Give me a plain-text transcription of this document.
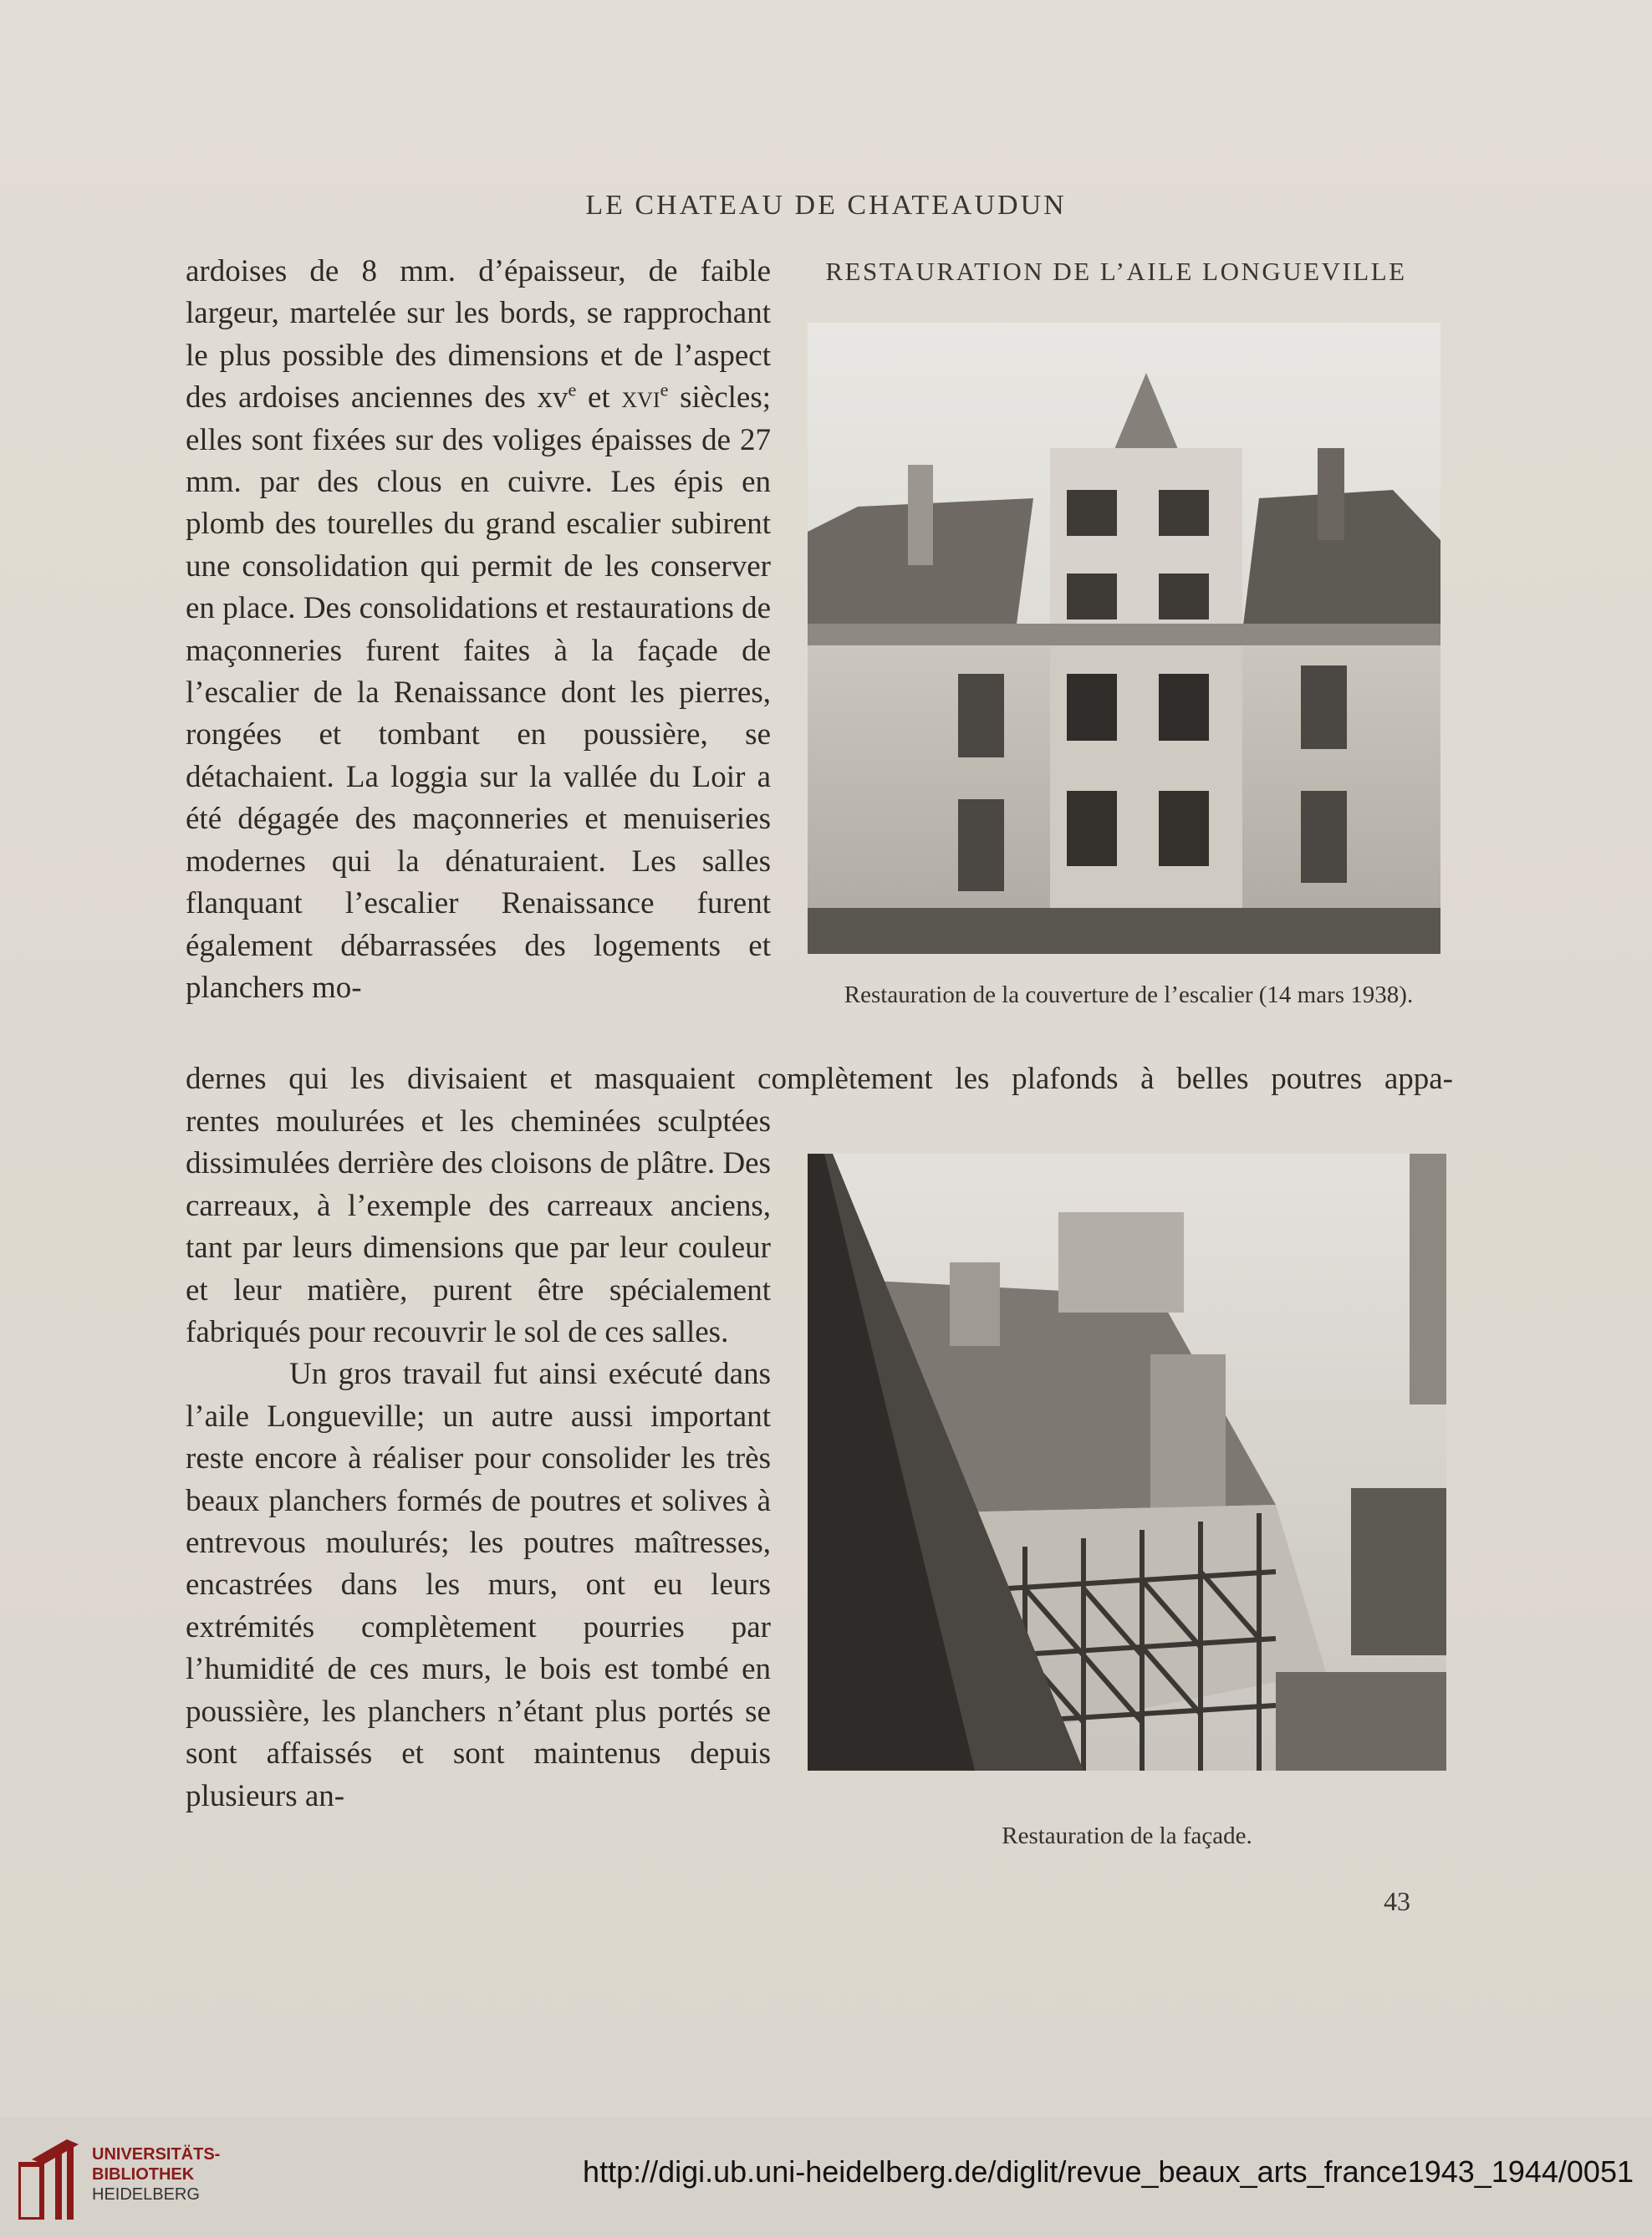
LE CHATEAU DE CHATEAUDUN
RESTAURATION DE L’AILE LONGUEVILLE

ardoises de 8 mm. d’épaisseur, de faible largeur, martelée sur les bords, se rapprochant le plus possible des dimensions et de l’aspect des ardoises anciennes des $xv^e$ et xvi$^e$ siècles; elles sont fixées sur des voliges épaisses de 27 mm. par des clous en cuivre. Les épis en plomb des tourelles du grand escalier subirent une consolidation qui permit de les conserver en place. Des consolidations et restaurations de maçonneries furent faites à la façade de l’escalier de la Renaissance dont les pierres, rongées et tombant en poussière, se détachaient. La loggia sur la vallée du Loir a été dégagée des maçonneries et menuiseries modernes qui la dénaturaient. Les salles flanquant l’escalier Renaissance furent également débarrassées des logements et planchers mo-

dernes qui les divisaient et masquaient complètement les plafonds à belles poutres appa-

rentes moulurées et les cheminées sculptées dissimulées derrière des cloisons de plâtre. Des carreaux, à l’exemple des carreaux anciens, tant par leurs dimensions que par leur couleur et leur matière, purent être spécialement fabriqués pour recouvrir le sol de ces salles.

Un gros travail fut ainsi exécuté dans l’aile Longueville; un autre aussi important reste encore à réaliser pour consolider les très beaux planchers formés de poutres et solives à entrevous moulurés; les poutres maîtresses, encastrées dans les murs, ont eu leurs extrémités complètement pourries par l’humidité de ces murs, le bois est tombé en poussière, les planchers n’étant plus portés se sont affaissés et sont maintenus depuis plusieurs an-

Restauration de la couverture de l’escalier (14 mars 1938).
Restauration de la façade.
43
UNIVERSITÄTS-
BIBLIOTHEK
HEIDELBERG
http://digi.ub.uni-heidelberg.de/diglit/revue_beaux_arts_france1943_1944/0051
